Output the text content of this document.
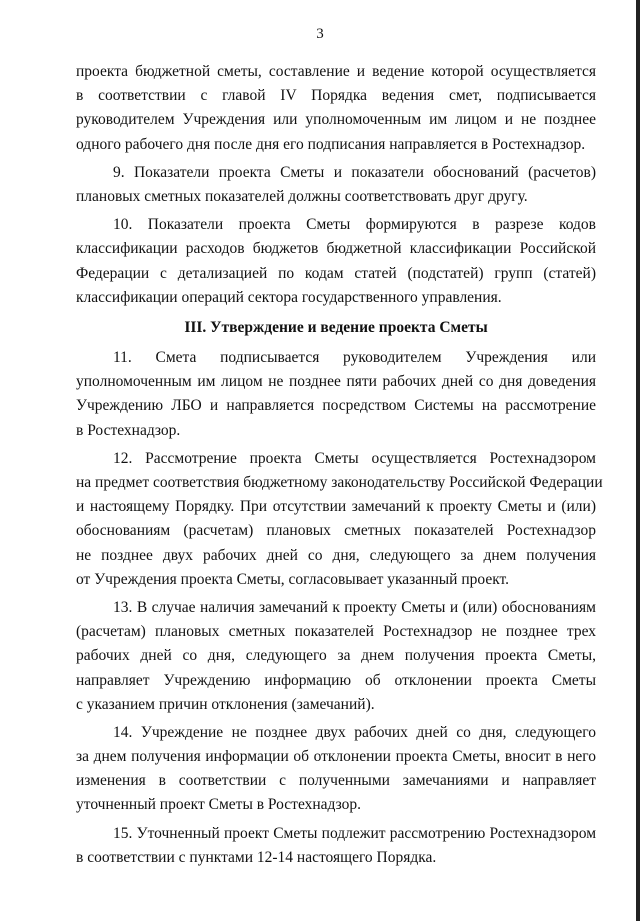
3
проекта бюджетной сметы, составление и ведение которой осуществляется
в соответствии с главой IV Порядка ведения смет, подписывается
руководителем Учреждения или уполномоченным им лицом и не позднее
одного рабочего дня после дня его подписания направляется в Ростехнадзор.
9. Показатели проекта Сметы и показатели обоснований (расчетов)
плановых сметных показателей должны соответствовать друг другу.
10. Показатели проекта Сметы формируются в разрезе кодов
классификации расходов бюджетов бюджетной классификации Российской
Федерации с детализацией по кодам статей (подстатей) групп (статей)
классификации операций сектора государственного управления.
III. Утверждение и ведение проекта Сметы
11. Смета подписывается руководителем Учреждения или
уполномоченным им лицом не позднее пяти рабочих дней со дня доведения
Учреждению ЛБО и направляется посредством Системы на рассмотрение
в Ростехнадзор.
12. Рассмотрение проекта Сметы осуществляется Ростехнадзором
на предмет соответствия бюджетному законодательству Российской Федерации
и настоящему Порядку. При отсутствии замечаний к проекту Сметы и (или)
обоснованиям (расчетам) плановых сметных показателей Ростехнадзор
не позднее двух рабочих дней со дня, следующего за днем получения
от Учреждения проекта Сметы, согласовывает указанный проект.
13. В случае наличия замечаний к проекту Сметы и (или) обоснованиям
(расчетам) плановых сметных показателей Ростехнадзор не позднее трех
рабочих дней со дня, следующего за днем получения проекта Сметы,
направляет Учреждению информацию об отклонении проекта Сметы
с указанием причин отклонения (замечаний).
14. Учреждение не позднее двух рабочих дней со дня, следующего
за днем получения информации об отклонении проекта Сметы, вносит в него
изменения в соответствии с полученными замечаниями и направляет
уточненный проект Сметы в Ростехнадзор.
15. Уточненный проект Сметы подлежит рассмотрению Ростехнадзором
в соответствии с пунктами 12-14 настоящего Порядка.
